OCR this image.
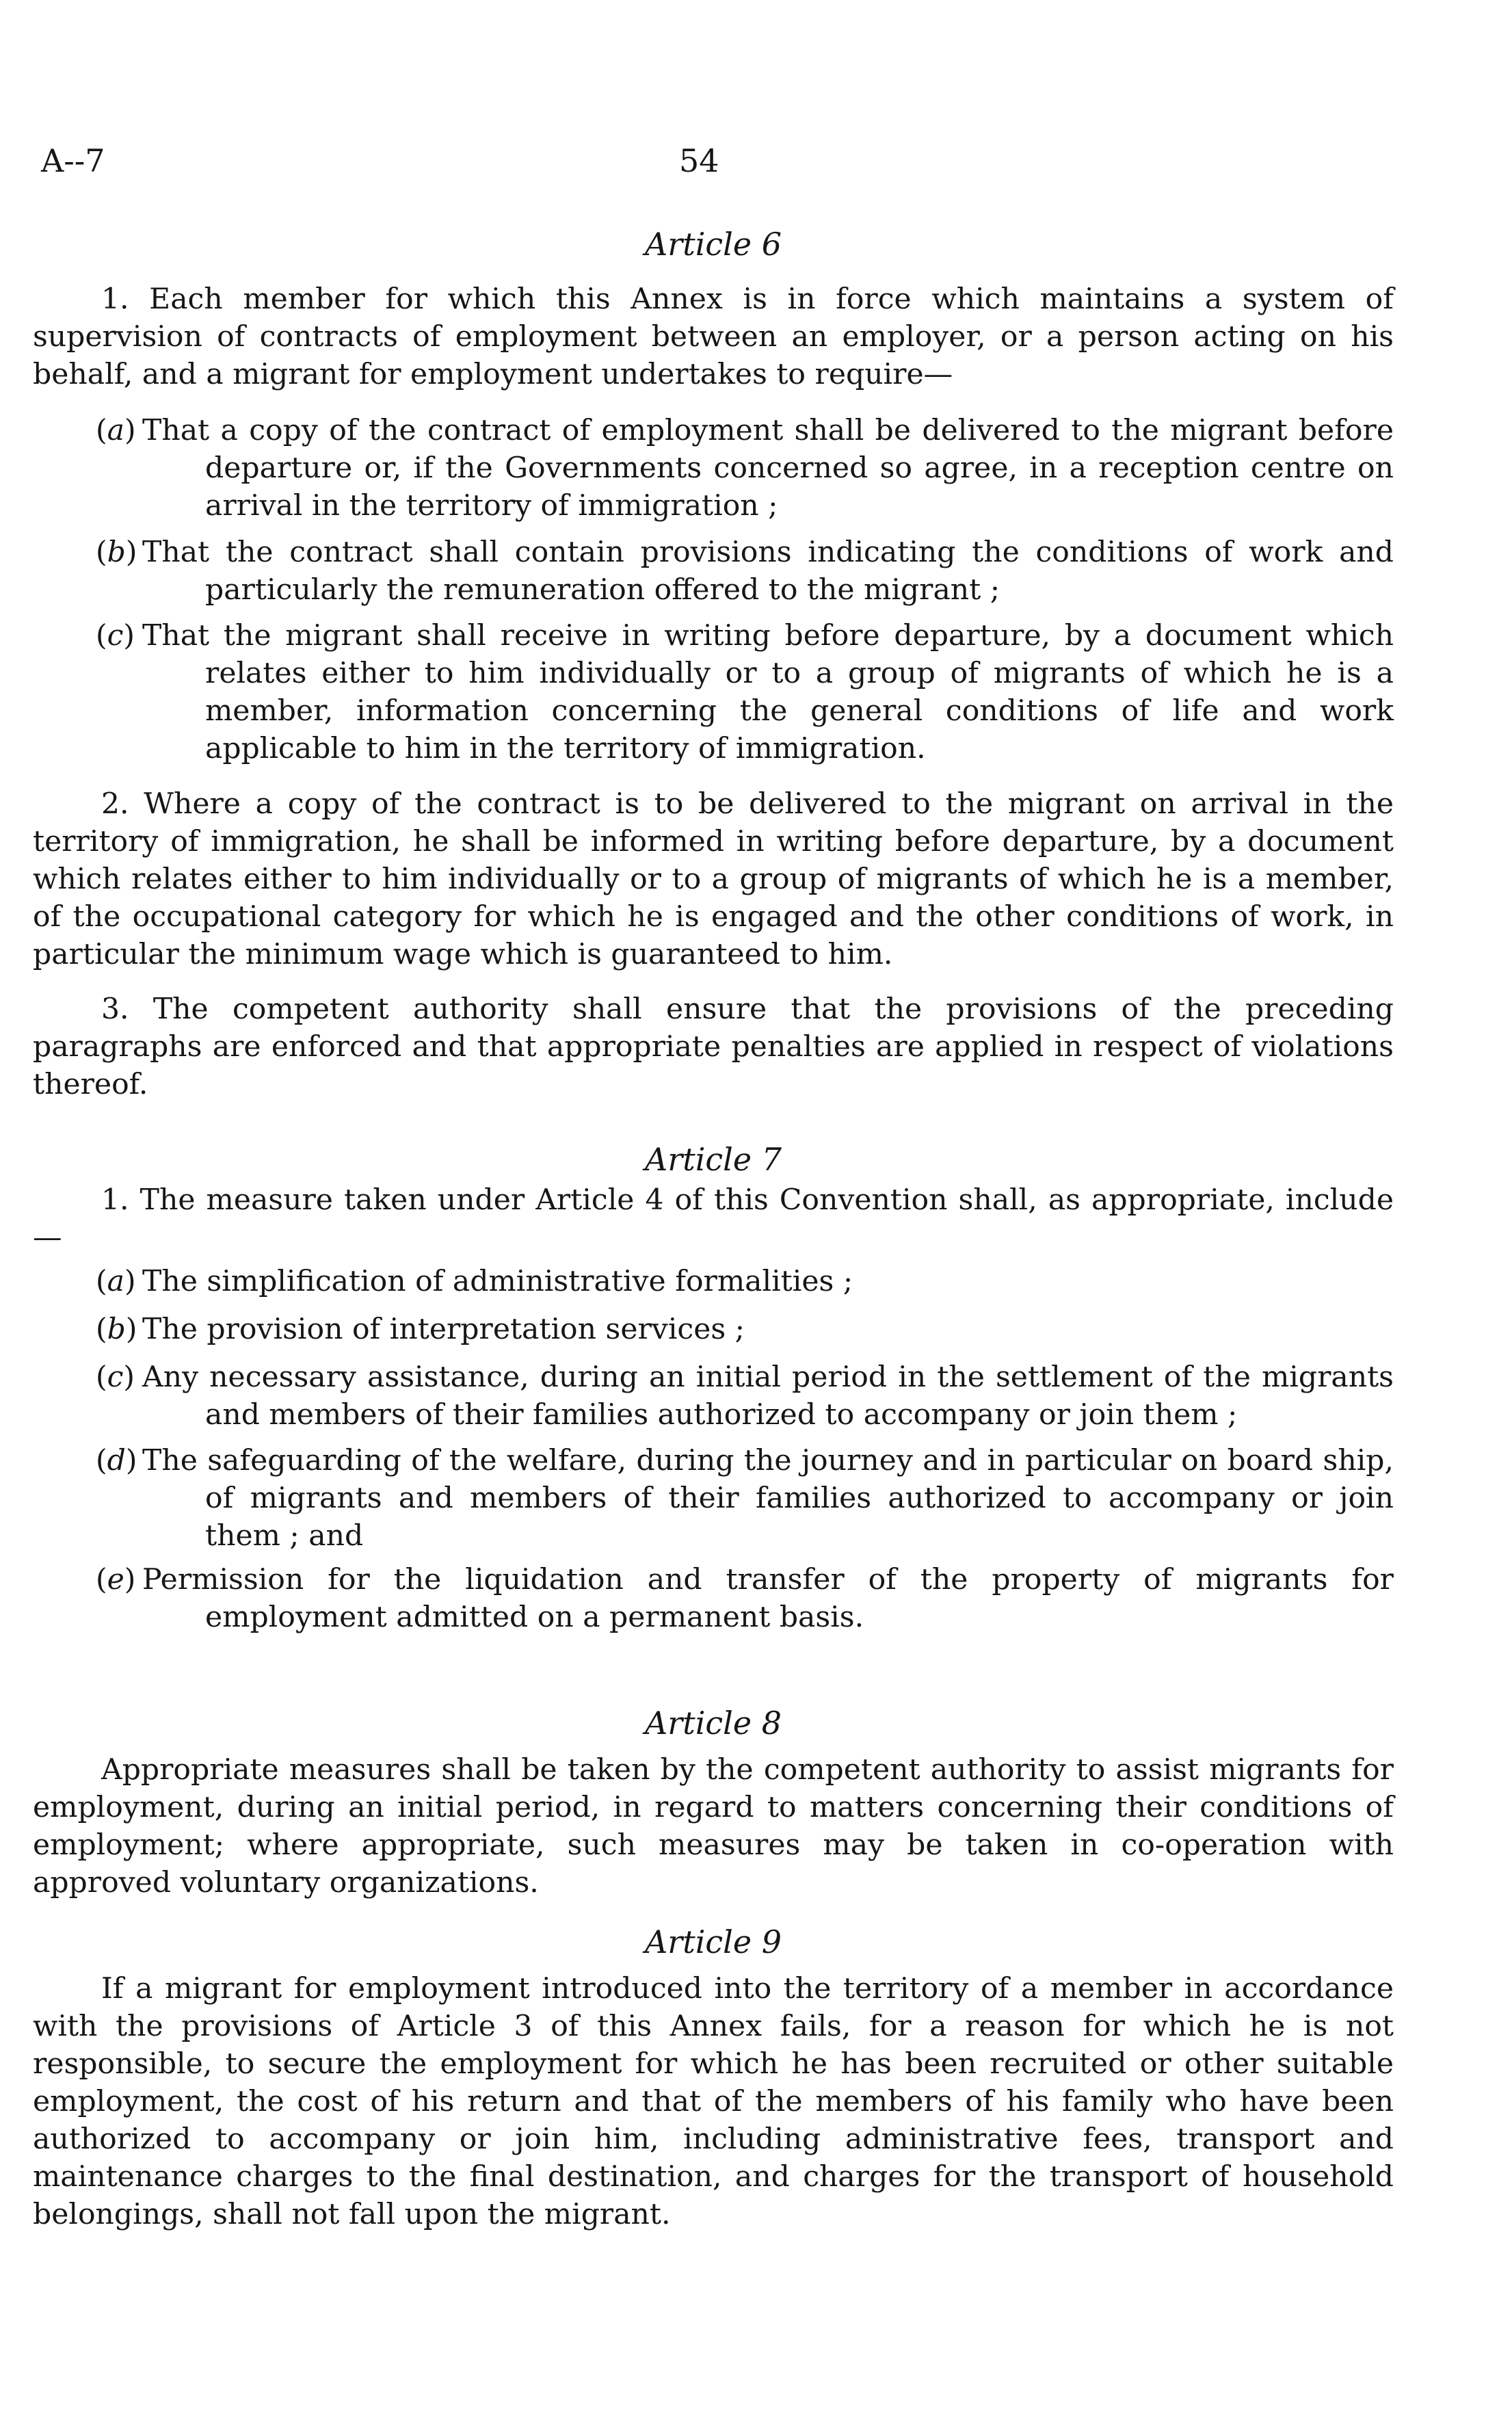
A--7	54
Article 6

1. Each member for which this Annex is in force which maintains a system of supervision of contracts of employment between an employer, or a person acting on his behalf, and a migrant for employment undertakes to require—

(a) That a copy of the contract of employment shall be delivered to the migrant before departure or, if the Governments concerned so agree, in a reception centre on arrival in the territory of immigration ;

(b) That the contract shall contain provisions indicating the conditions of work and particularly the remuneration offered to the migrant ;

(c) That the migrant shall receive in writing before departure, by a document which relates either to him individually or to a group of migrants of which he is a member, information concerning the general conditions of life and work applicable to him in the territory of immigration.

2. Where a copy of the contract is to be delivered to the migrant on arrival in the territory of immigration, he shall be informed in writing before departure, by a document which relates either to him individually or to a group of migrants of which he is a member, of the occupational category for which he is engaged and the other conditions of work, in particular the minimum wage which is guaranteed to him.

3. The competent authority shall ensure that the provisions of the preceding paragraphs are enforced and that appropriate penalties are applied in respect of violations thereof.

Article 7

1. The measure taken under Article 4 of this Convention shall, as appropriate, include—

(a) The simplification of administrative formalities ;

(b) The provision of interpretation services ;

(c) Any necessary assistance, during an initial period in the settlement of the migrants and members of their families authorized to accompany or join them ;

(d) The safeguarding of the welfare, during the journey and in particular on board ship, of migrants and members of their families authorized to accompany or join them ; and

(e) Permission for the liquidation and transfer of the property of migrants for employment admitted on a permanent basis.

Article 8

Appropriate measures shall be taken by the competent authority to assist migrants for employment, during an initial period, in regard to matters concerning their conditions of employment; where appropriate, such measures may be taken in co-operation with approved voluntary organizations.

Article 9

If a migrant for employment introduced into the territory of a member in accordance with the provisions of Article 3 of this Annex fails, for a reason for which he is not responsible, to secure the employment for which he has been recruited or other suitable employment, the cost of his return and that of the members of his family who have been authorized to accompany or join him, including administrative fees, transport and maintenance charges to the final destination, and charges for the transport of household belongings, shall not fall upon the migrant.
